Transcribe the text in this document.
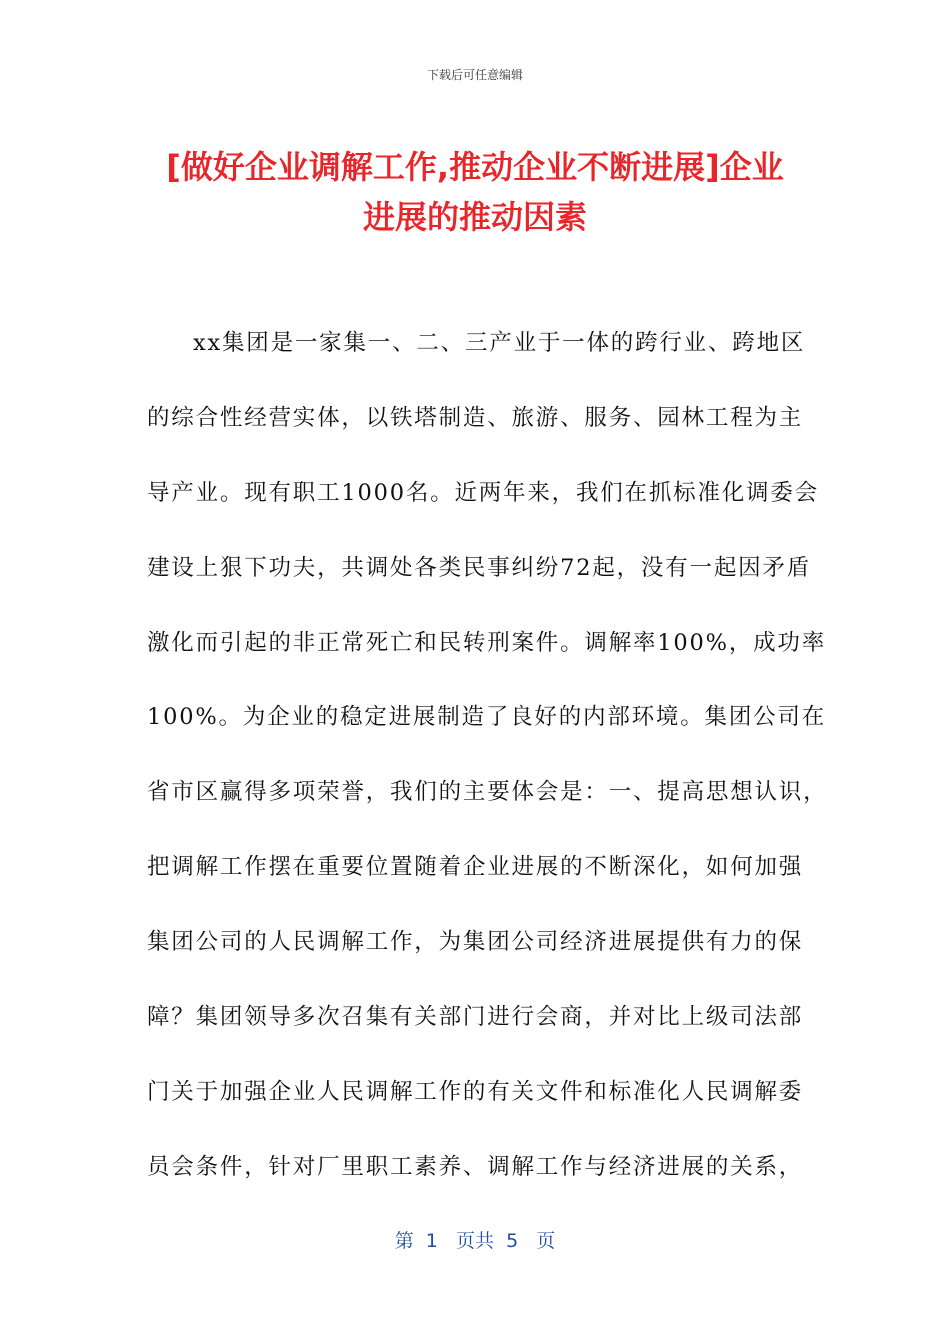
下载后可任意编辑
[做好企业调解工作,推动企业不断进展]企业
进展的推动因素
xx集团是一家集一、二、三产业于一体的跨行业、跨地区
的综合性经营实体，以铁塔制造、旅游、服务、园林工程为主
导产业。现有职工1000名。近两年来，我们在抓标准化调委会
建设上狠下功夫，共调处各类民事纠纷72起，没有一起因矛盾
激化而引起的非正常死亡和民转刑案件。调解率100%，成功率
100%。为企业的稳定进展制造了良好的内部环境。集团公司在
省市区赢得多项荣誉，我们的主要体会是：一、提高思想认识，
把调解工作摆在重要位置随着企业进展的不断深化，如何加强
集团公司的人民调解工作，为集团公司经济进展提供有力的保
障？集团领导多次召集有关部门进行会商，并对比上级司法部
门关于加强企业人民调解工作的有关文件和标准化人民调解委
员会条件，针对厂里职工素养、调解工作与经济进展的关系，
第  1   页共  5   页
